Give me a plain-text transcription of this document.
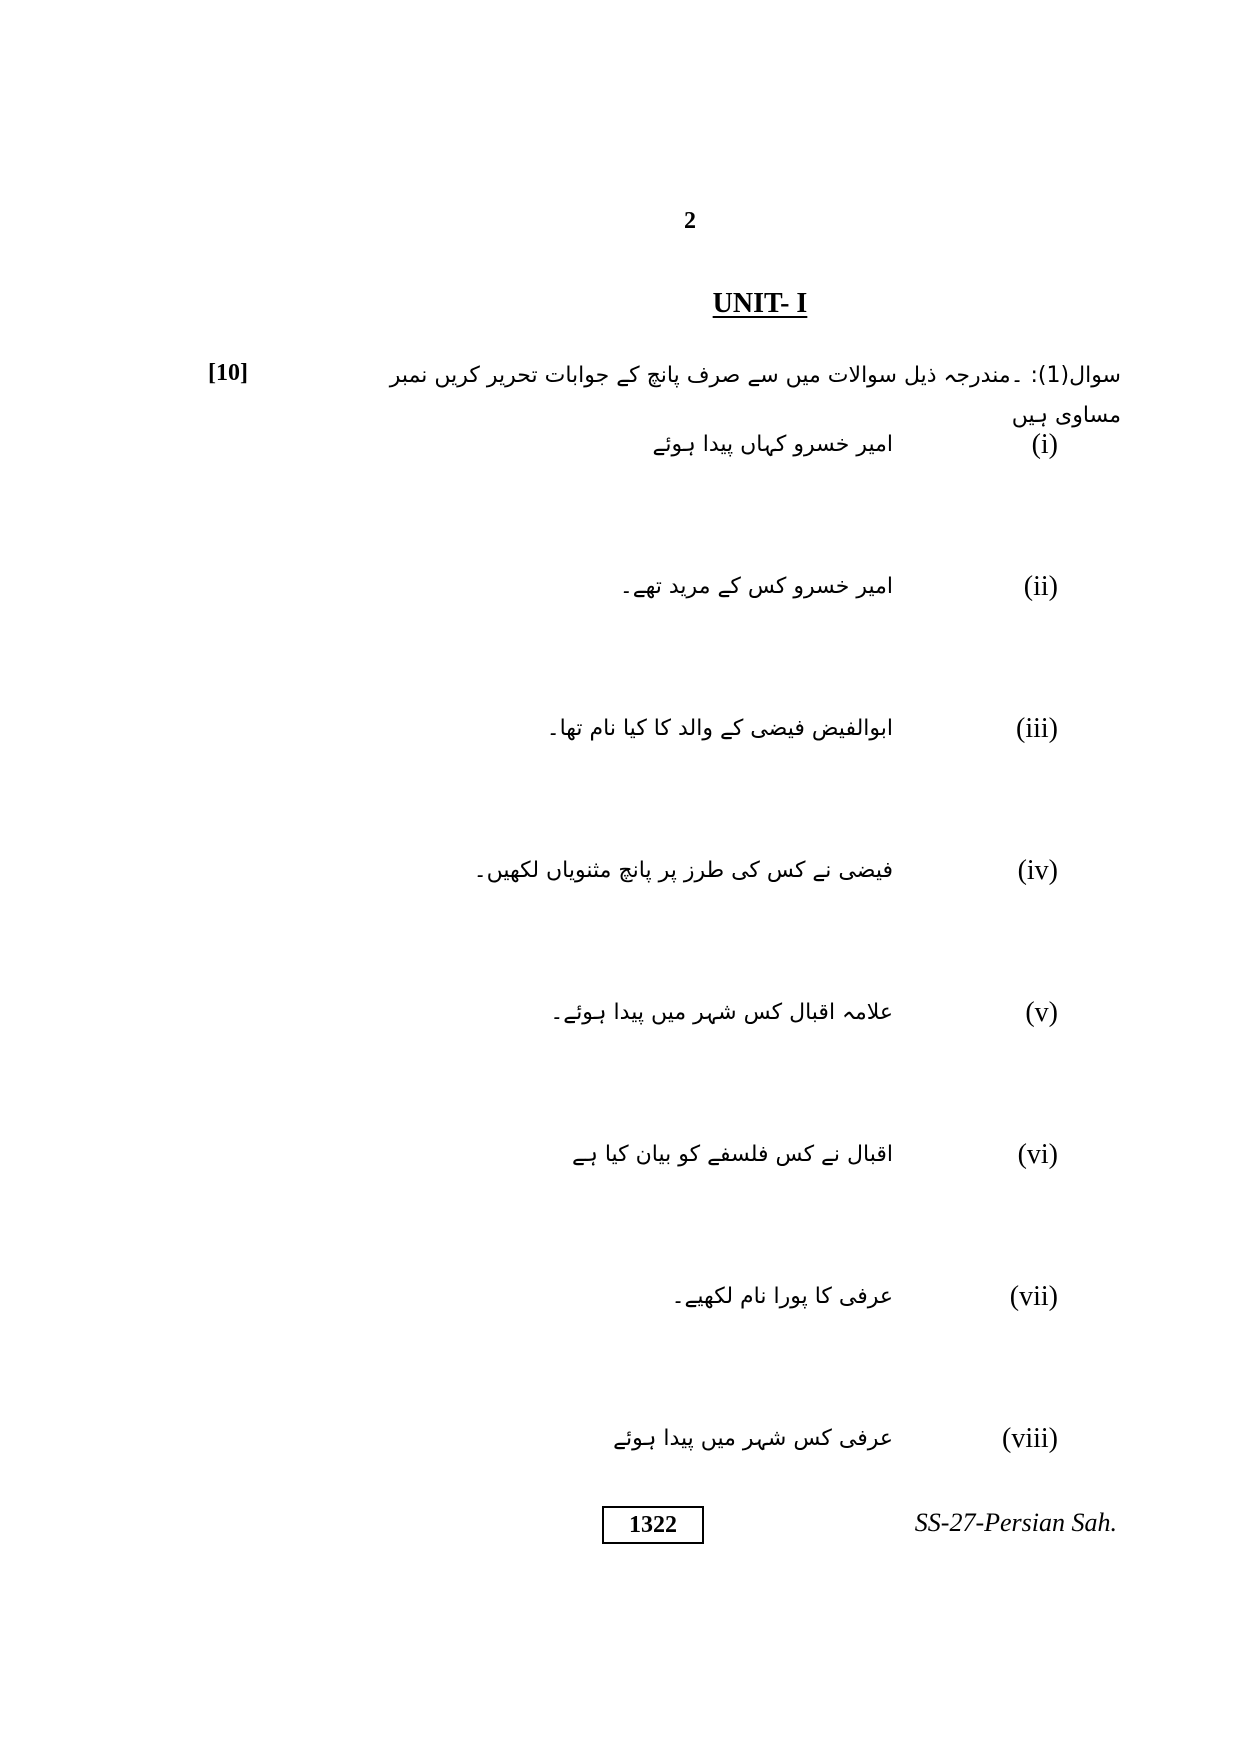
2
UNIT- I
سوال(1): ۔مندرجہ ذیل سوالات میں سے صرف پانچ کے جوابات تحریر کریں نمبر مساوی ہیں
[10]
(i)
امیر خسرو کہاں پیدا ہوئے
(ii)
امیر خسرو کس کے مرید تھے۔
(iii)
ابوالفیض فیضی کے والد کا کیا نام تھا۔
(iv)
فیضی نے کس کی طرز پر پانچ مثنویاں لکھیں۔
(v)
علامہ اقبال کس شہر میں پیدا ہوئے۔
(vi)
اقبال نے کس فلسفے کو بیان کیا ہے
(vii)
عرفی کا پورا نام لکھیے۔
(viii)
عرفی کس شہر میں پیدا ہوئے
1322	SS-27-Persian Sah.
